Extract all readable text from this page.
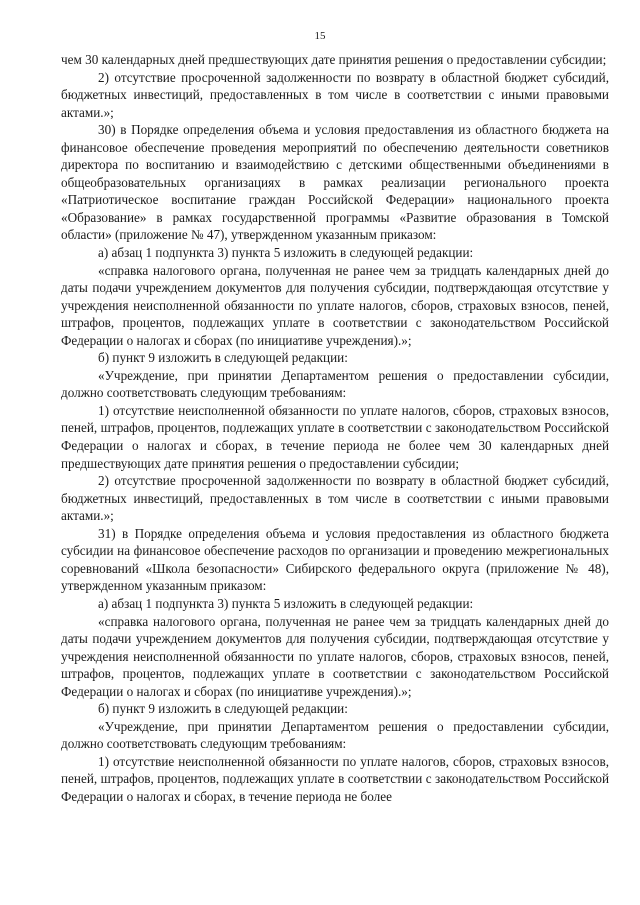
15

чем 30 календарных дней предшествующих дате принятия решения о предоставлении субсидии;

2) отсутствие просроченной задолженности по возврату в областной бюджет субсидий, бюджетных инвестиций, предоставленных в том числе в соответствии с иными правовыми актами.»;

30) в Порядке определения объема и условия предоставления из областного бюджета на финансовое обеспечение проведения мероприятий по обеспечению деятельности советников директора по воспитанию и взаимодействию с детскими общественными объединениями в общеобразовательных организациях в рамках реализации регионального проекта «Патриотическое воспитание граждан Российской Федерации» национального проекта «Образование» в рамках государственной программы «Развитие образования в Томской области» (приложение № 47), утвержденном указанным приказом:

а) абзац 1 подпункта 3) пункта 5 изложить в следующей редакции:

«справка налогового органа, полученная не ранее чем за тридцать календарных дней до даты подачи учреждением документов для получения субсидии, подтверждающая отсутствие у учреждения неисполненной обязанности по уплате налогов, сборов, страховых взносов, пеней, штрафов, процентов, подлежащих уплате в соответствии с законодательством Российской Федерации о налогах и сборах (по инициативе учреждения).»;

б) пункт 9 изложить в следующей редакции:

«Учреждение, при принятии Департаментом решения о предоставлении субсидии, должно соответствовать следующим требованиям:

1) отсутствие неисполненной обязанности по уплате налогов, сборов, страховых взносов, пеней, штрафов, процентов, подлежащих уплате в соответствии с законодательством Российской Федерации о налогах и сборах, в течение периода не более чем 30 календарных дней предшествующих дате принятия решения о предоставлении субсидии;

2) отсутствие просроченной задолженности по возврату в областной бюджет субсидий, бюджетных инвестиций, предоставленных в том числе в соответствии с иными правовыми актами.»;

31) в Порядке определения объема и условия предоставления из областного бюджета субсидии на финансовое обеспечение расходов по организации и проведению межрегиональных соревнований «Школа безопасности» Сибирского федерального округа (приложение № 48), утвержденном указанным приказом:

а) абзац 1 подпункта 3) пункта 5 изложить в следующей редакции:

«справка налогового органа, полученная не ранее чем за тридцать календарных дней до даты подачи учреждением документов для получения субсидии, подтверждающая отсутствие у учреждения неисполненной обязанности по уплате налогов, сборов, страховых взносов, пеней, штрафов, процентов, подлежащих уплате в соответствии с законодательством Российской Федерации о налогах и сборах (по инициативе учреждения).»;

б) пункт 9 изложить в следующей редакции:

«Учреждение, при принятии Департаментом решения о предоставлении субсидии, должно соответствовать следующим требованиям:

1) отсутствие неисполненной обязанности по уплате налогов, сборов, страховых взносов, пеней, штрафов, процентов, подлежащих уплате в соответствии с законодательством Российской Федерации о налогах и сборах, в течение периода не более
